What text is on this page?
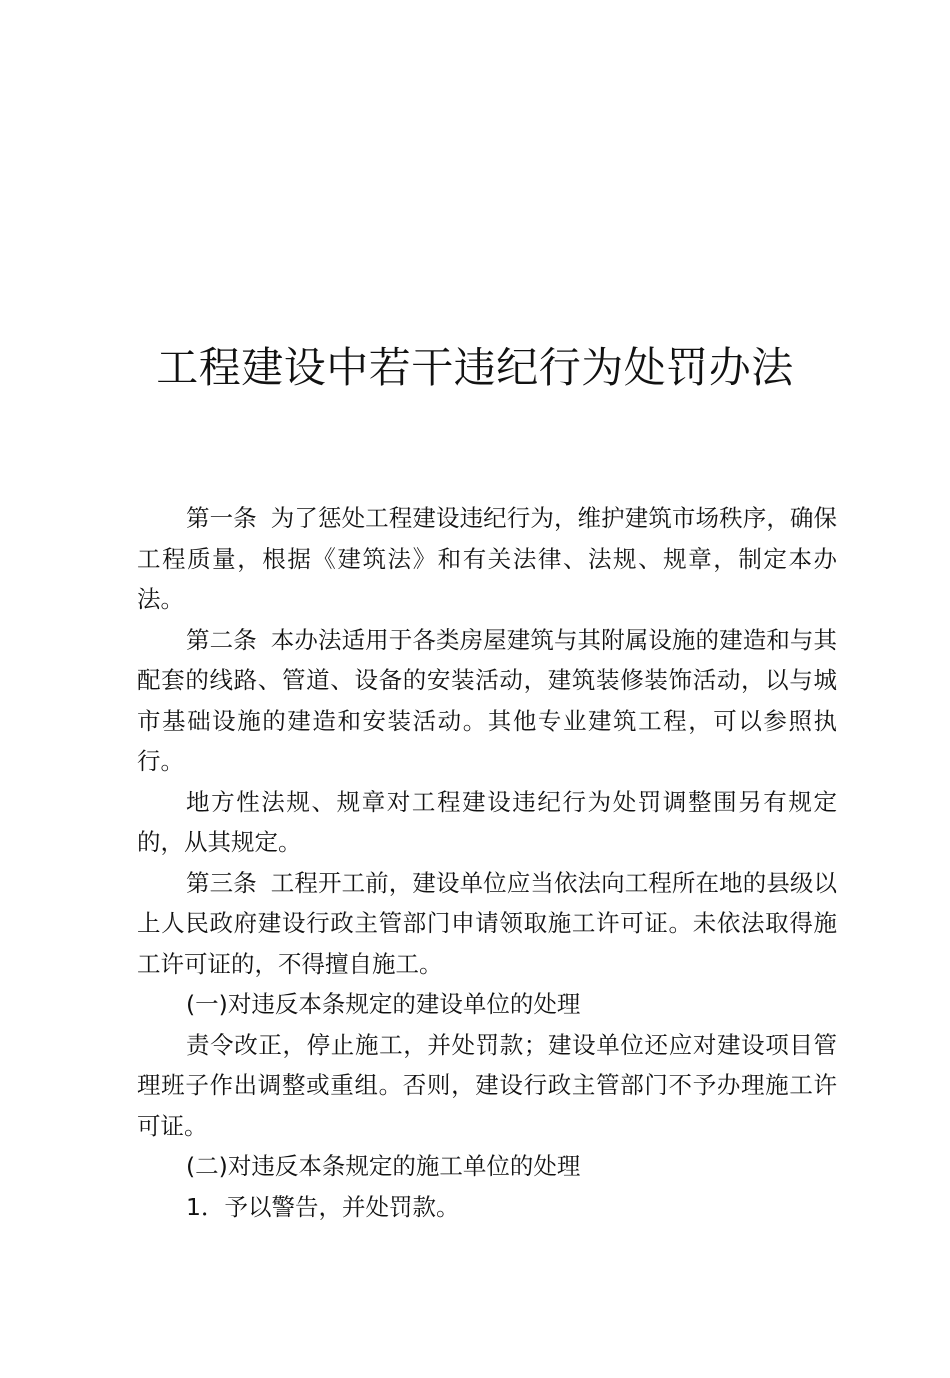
工程建设中若干违纪行为处罚办法

第一条 为了惩处工程建设违纪行为，维护建筑市场秩序，确保工程质量，根据《建筑法》和有关法律、法规、规章，制定本办法。

第二条 本办法适用于各类房屋建筑与其附属设施的建造和与其配套的线路、管道、设备的安装活动，建筑装修装饰活动，以与城市基础设施的建造和安装活动。其他专业建筑工程，可以参照执行。

地方性法规、规章对工程建设违纪行为处罚调整围另有规定的，从其规定。

第三条 工程开工前，建设单位应当依法向工程所在地的县级以上人民政府建设行政主管部门申请领取施工许可证。未依法取得施工许可证的，不得擅自施工。

(一)对违反本条规定的建设单位的处理

责令改正，停止施工，并处罚款；建设单位还应对建设项目管理班子作出调整或重组。否则，建设行政主管部门不予办理施工许可证。

(二)对违反本条规定的施工单位的处理

1．予以警告，并处罚款。
